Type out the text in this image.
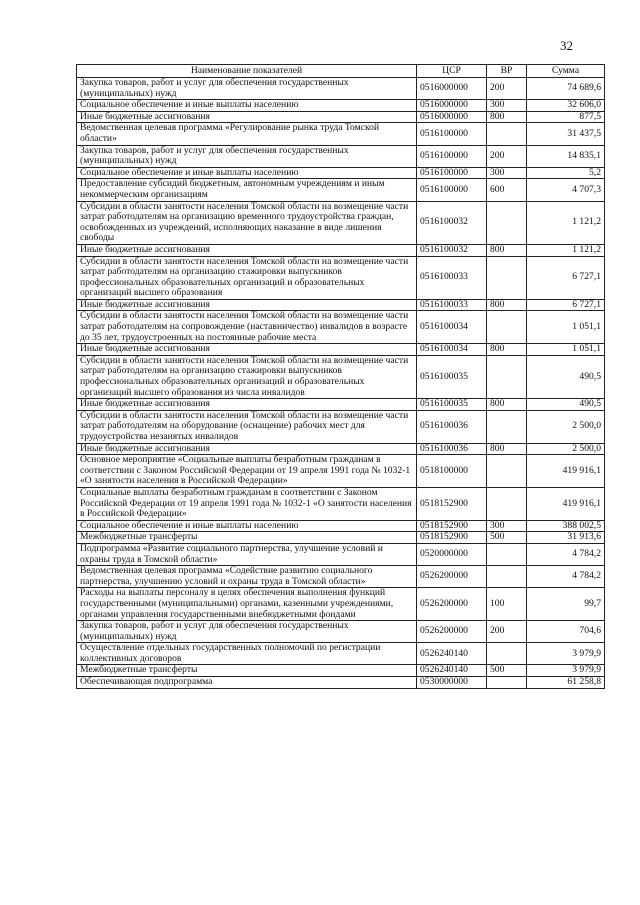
32
Наименование показателей	ЦСР	ВР	Сумма
Закупка товаров, работ и услуг для обеспечения государственных (муниципальных) нужд	0516000000	200	74 689,6
Социальное обеспечение и иные выплаты населению	0516000000	300	32 606,0
Иные бюджетные ассигнования	0516000000	800	877,5
Ведомственная целевая программа «Регулирование рынка труда Томской области»	0516100000		31 437,5
Закупка товаров, работ и услуг для обеспечения государственных (муниципальных) нужд	0516100000	200	14 835,1
Социальное обеспечение и иные выплаты населению	0516100000	300	5,2
Предоставление субсидий бюджетным, автономным учреждениям и иным некоммерческим организациям	0516100000	600	4 707,3
Субсидии в области занятости населения Томской области на возмещение части затрат работодателям на организацию временного трудоустройства граждан, освобожденных из учреждений, исполняющих наказание в виде лишения свободы	0516100032		1 121,2
Иные бюджетные ассигнования	0516100032	800	1 121,2
Субсидии в области занятости населения Томской области на возмещение части затрат работодателям на организацию стажировки выпускников профессиональных образовательных организаций и образовательных организаций высшего образования	0516100033		6 727,1
Иные бюджетные ассигнования	0516100033	800	6 727,1
Субсидии в области занятости населения Томской области на возмещение части затрат работодателям на сопровождение (наставничество) инвалидов в возрасте до 35 лет, трудоустроенных на постоянные рабочие места	0516100034		1 051,1
Иные бюджетные ассигнования	0516100034	800	1 051,1
Субсидии в области занятости населения Томской области на возмещение части затрат работодателям на организацию стажировки выпускников профессиональных образовательных организаций и образовательных организаций высшего образования из числа инвалидов	0516100035		490,5
Иные бюджетные ассигнования	0516100035	800	490,5
Субсидии в области занятости населения Томской области на возмещение части затрат работодателям на оборудование (оснащение) рабочих мест для трудоустройства незанятых инвалидов	0516100036		2 500,0
Иные бюджетные ассигнования	0516100036	800	2 500,0
Основное мероприятие «Социальные выплаты безработным гражданам в соответствии с Законом Российской Федерации от 19 апреля 1991 года № 1032-1 «О занятости населения в Российской Федерации»	0518100000		419 916,1
Социальные выплаты безработным гражданам в соответствии с Законом Российской Федерации от 19 апреля 1991 года № 1032-1 «О занятости населения в Российской Федерации»	0518152900		419 916,1
Социальное обеспечение и иные выплаты населению	0518152900	300	388 002,5
Межбюджетные трансферты	0518152900	500	31 913,6
Подпрограмма «Развитие социального партнерства, улучшение условий и охраны труда в Томской области»	0520000000		4 784,2
Ведомственная целевая программа «Содействие развитию социального партнерства, улучшению условий и охраны труда в Томской области»	0526200000		4 784,2
Расходы на выплаты персоналу в целях обеспечения выполнения функций государственными (муниципальными) органами, казенными учреждениями, органами управления государственными внебюджетными фондами	0526200000	100	99,7
Закупка товаров, работ и услуг для обеспечения государственных (муниципальных) нужд	0526200000	200	704,6
Осуществление отдельных государственных полномочий по регистрации коллективных договоров	0526240140		3 979,9
Межбюджетные трансферты	0526240140	500	3 979,9
Обеспечивающая подпрограмма	0530000000		61 258,8
